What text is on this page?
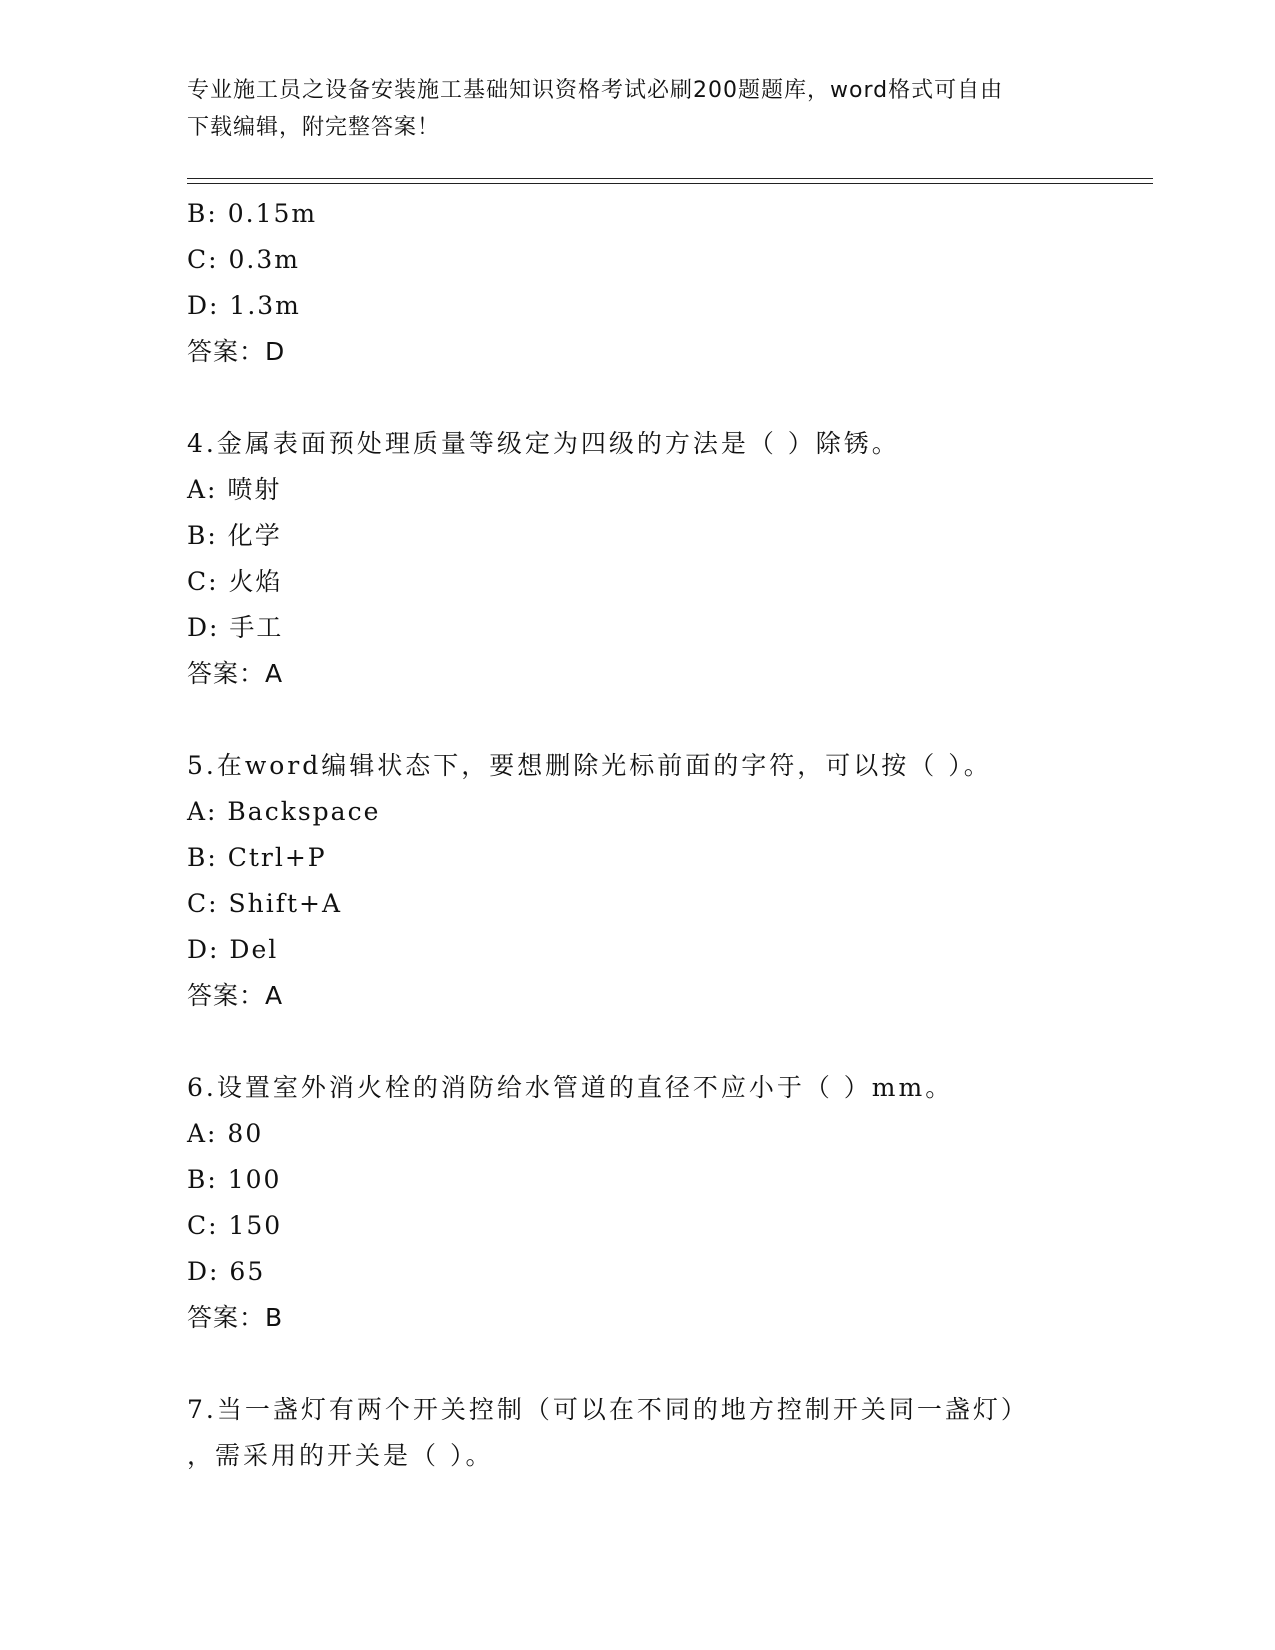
专业施工员之设备安装施工基础知识资格考试必刷200题题库，word格式可自由
下载编辑，附完整答案！
B: 0.15m
C: 0.3m
D: 1.3m
答案：D
4.金属表面预处理质量等级定为四级的方法是（ ）除锈。
A: 喷射
B: 化学
C: 火焰
D: 手工
答案：A
5.在word编辑状态下，要想删除光标前面的字符，可以按（ ）。
A: Backspace
B: Ctrl+P
C: Shift+A
D: Del
答案：A
6.设置室外消火栓的消防给水管道的直径不应小于（ ）mm。
A: 80
B: 100
C: 150
D: 65
答案：B
7.当一盏灯有两个开关控制（可以在不同的地方控制开关同一盏灯）
，需采用的开关是（ ）。
